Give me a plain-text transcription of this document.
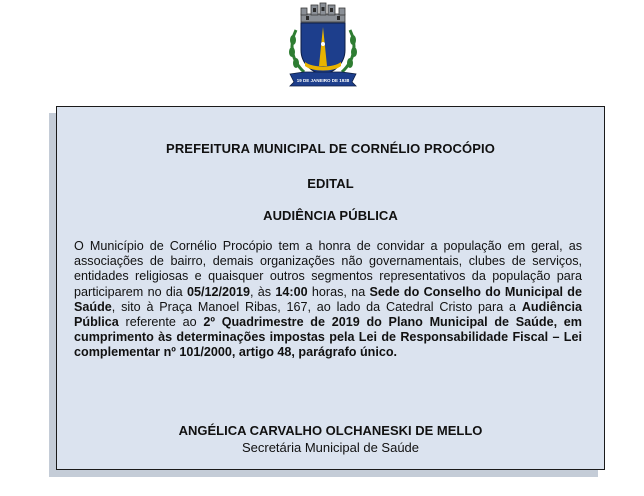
19 DE JANEIRO DE 1938
PREFEITURA MUNICIPAL DE CORNÉLIO PROCÓPIO
EDITAL
AUDIÊNCIA PÚBLICA

O Município de Cornélio Procópio tem a honra de convidar a população em geral, as associações de bairro, demais organizações não governamentais, clubes de serviços, entidades religiosas e quaisquer outros segmentos representativos da população para participarem no dia 05/12/2019, às 14:00 horas, na Sede do Conselho do Municipal de Saúde, sito à Praça Manoel Ribas, 167, ao lado da Catedral Cristo para a Audiência Pública referente ao 2º Quadrimestre de 2019 do Plano Municipal de Saúde, em cumprimento às determinações impostas pela Lei de Responsabilidade Fiscal – Lei complementar nº 101/2000, artigo 48, parágrafo único.

ANGÉLICA CARVALHO OLCHANESKI DE MELLO
Secretária Municipal de Saúde
